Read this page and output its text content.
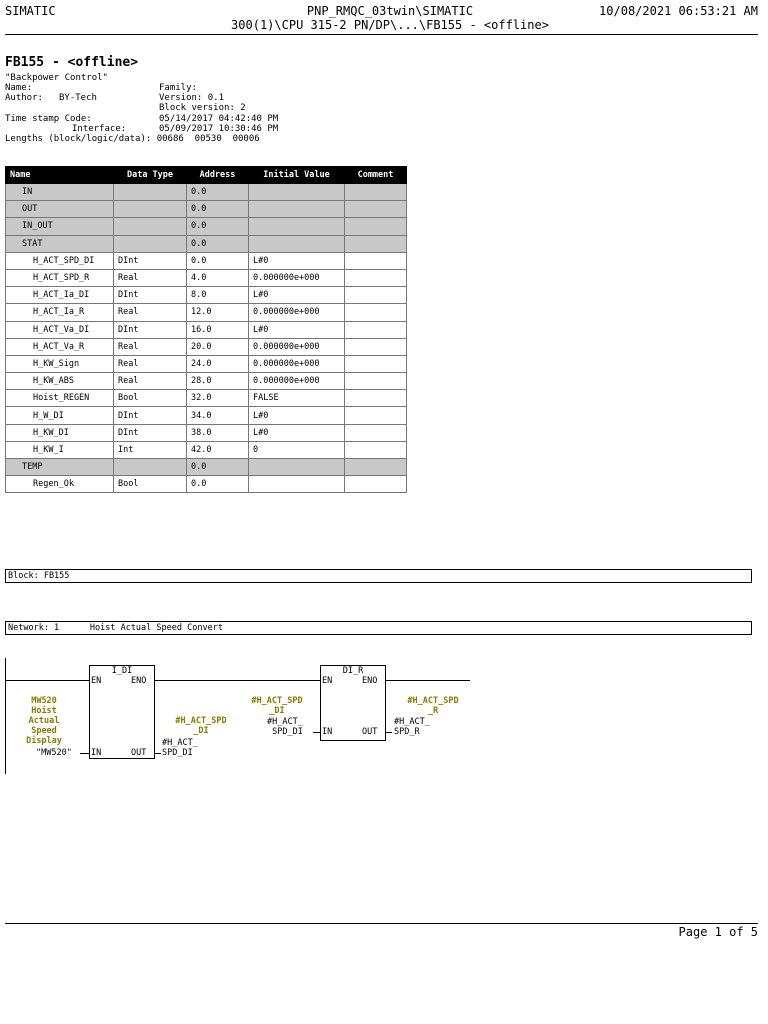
SIMATIC	PNP_RMQC_03twin\SIMATIC
300(1)\CPU 315-2 PN/DP\...\FB155 - <offline>
10/08/2021 06:53:21 AM
FB155 - <offline>
"Backpower Control"
Name:	Family:
Author: BY-Tech	Version: 0.1
Block version: 2
Time stamp Code:	05/14/2017 04:42:40 PM
Interface:	05/09/2017 10:30:46 PM
Lengths (block/logic/data): 00686  00530  00006
Name	Data Type	Address	Initial Value	Comment
IN		0.0		
OUT		0.0		
IN_OUT		0.0		
STAT		0.0		
H_ACT_SPD_DI	DInt	0.0	L#0	
H_ACT_SPD_R	Real	4.0	0.000000e+000	
H_ACT_Ia_DI	DInt	8.0	L#0	
H_ACT_Ia_R	Real	12.0	0.000000e+000	
H_ACT_Va_DI	DInt	16.0	L#0	
H_ACT_Va_R	Real	20.0	0.000000e+000	
H_KW_Sign	Real	24.0	0.000000e+000	
H_KW_ABS	Real	28.0	0.000000e+000	
Hoist_REGEN	Bool	32.0	FALSE	
H_W_DI	DInt	34.0	L#0	
H_KW_DI	DInt	38.0	L#0	
H_KW_I	Int	42.0	0	
TEMP		0.0		
Regen_Ok	Bool	0.0		
Block: FB155
Network: 1      Hoist Actual Speed Convert
I_DI
EN	ENO
IN	OUT
MW520
Hoist
Actual
Speed
Display
"MW520"
#H_ACT_SPD
_DI
#H_ACT_
SPD_DI
DI_R
EN	ENO
IN	OUT
#H_ACT_SPD
_DI
#H_ACT_
SPD_DI
#H_ACT_SPD
_R
#H_ACT_
SPD_R
Page 1 of 5
